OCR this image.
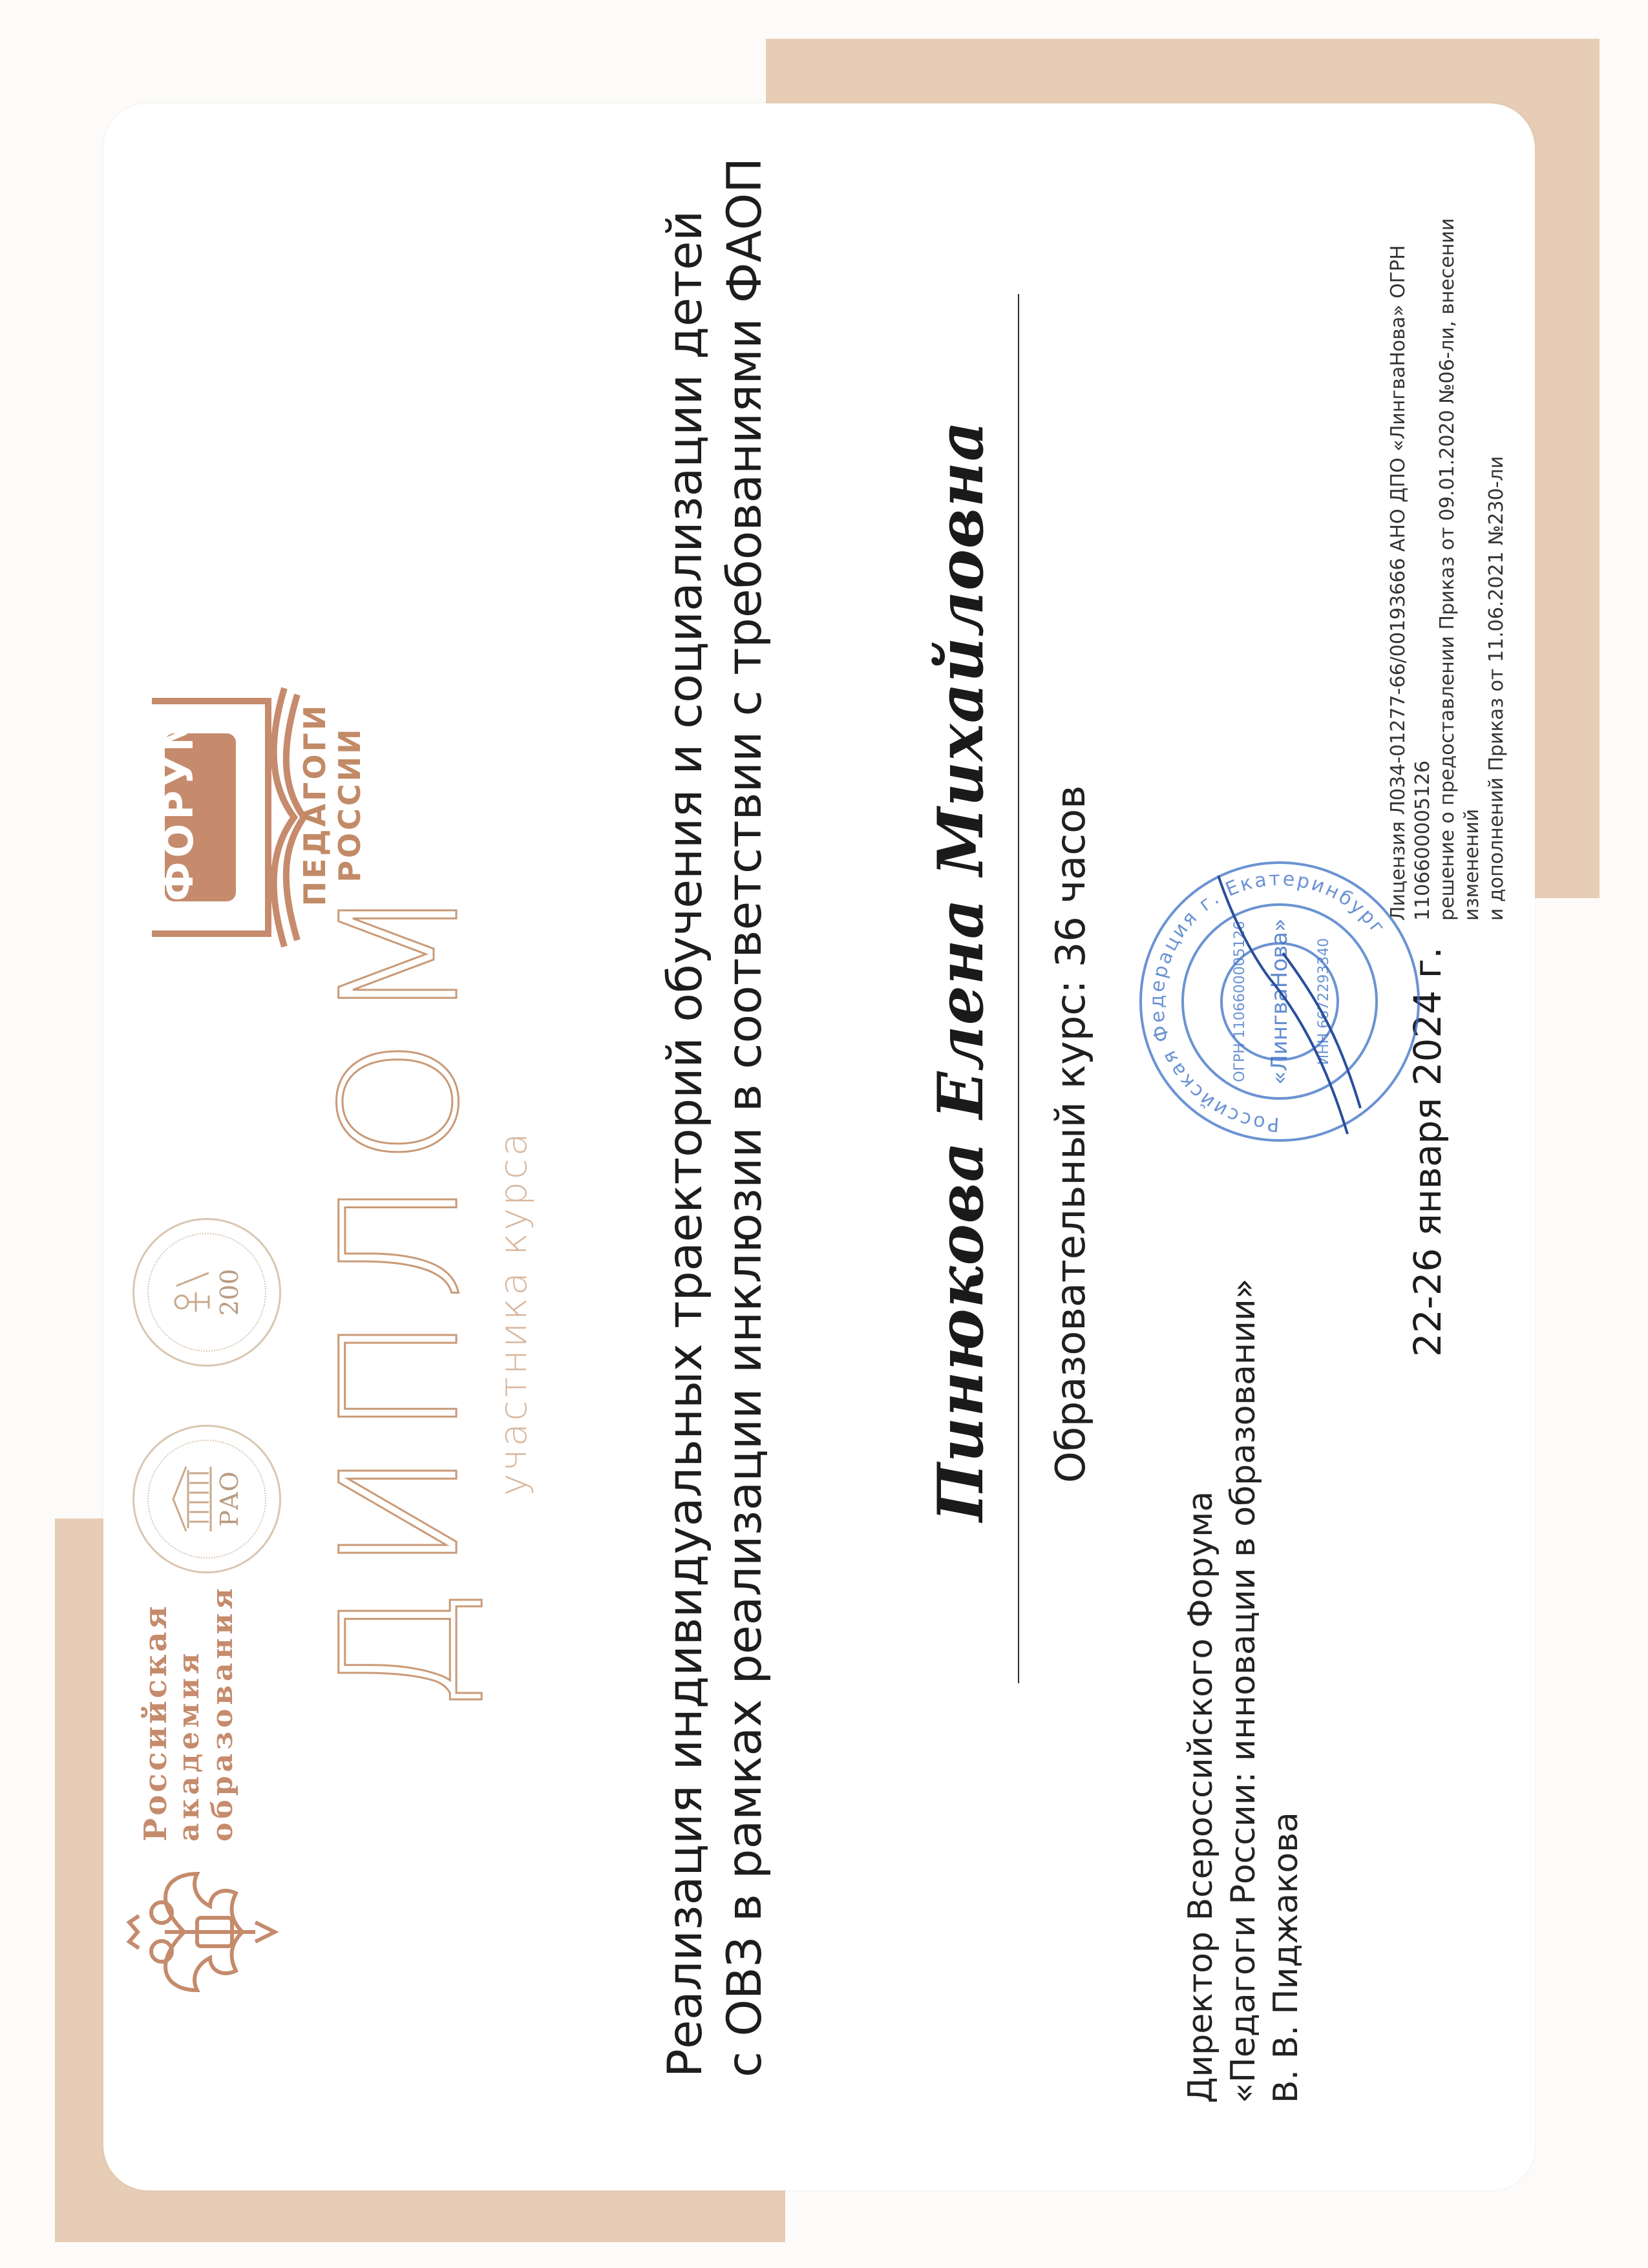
Российская
академия образования
РАО
200 ДИПЛОМ
участника курса
ФОРУМ	ПЕДАГОГИ РОССИИ	Реализация индивидуальных траекторий обучения и социализации детей с ОВЗ в рамках реализации инклюзии в соответствии с требованиями ФАОП Пинюкова Елена Михайловна Образовательный курс: 36 часов
Директор Всероссийского Форума «Педагоги России: инновации в образовании» В. В. Пиджакова
22-26 января 2024 г.
Российская Федерация г. Екатеринбург
«ЛингваНова» ИНН 6672293340
ОГРН 1106600005126
Лицензия Л034-01277-66/00193666 АНО ДПО «ЛингваНова» ОГРН 1106600005126 решение о предоставлении Приказ от 09.01.2020 №06-ли, внесении изменений и дополнений Приказ от 11.06.2021 №230-ли
